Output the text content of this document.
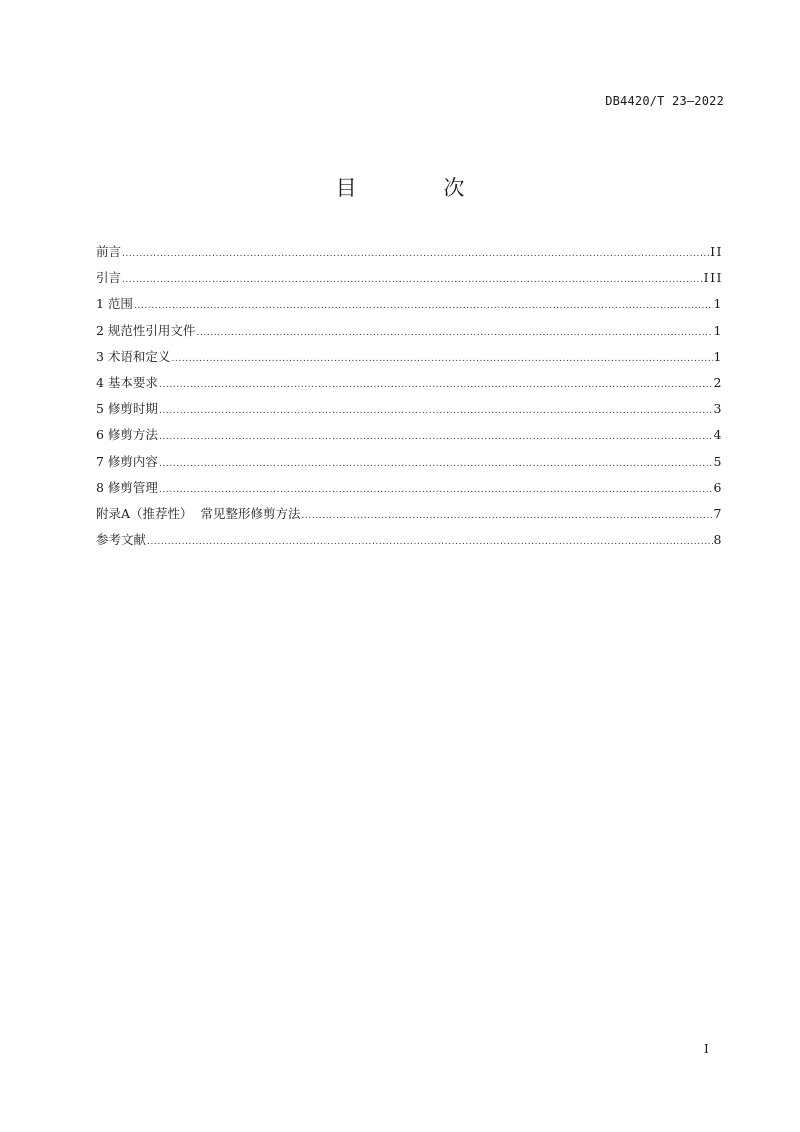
DB4420/T 23—2022
目 次
前言 .....	II
引言 .....	III
1 范围 .....	1
2 规范性引用文件 .....	1
3 术语和定义 .....	1
4 基本要求 .....	2
5 修剪时期 .....	3
6 修剪方法 .....	4
7 修剪内容 .....	5
8 修剪管理 .....	6
附录A（推荐性）  常见整形修剪方法 .....	7
参考文献 .....	8
I
